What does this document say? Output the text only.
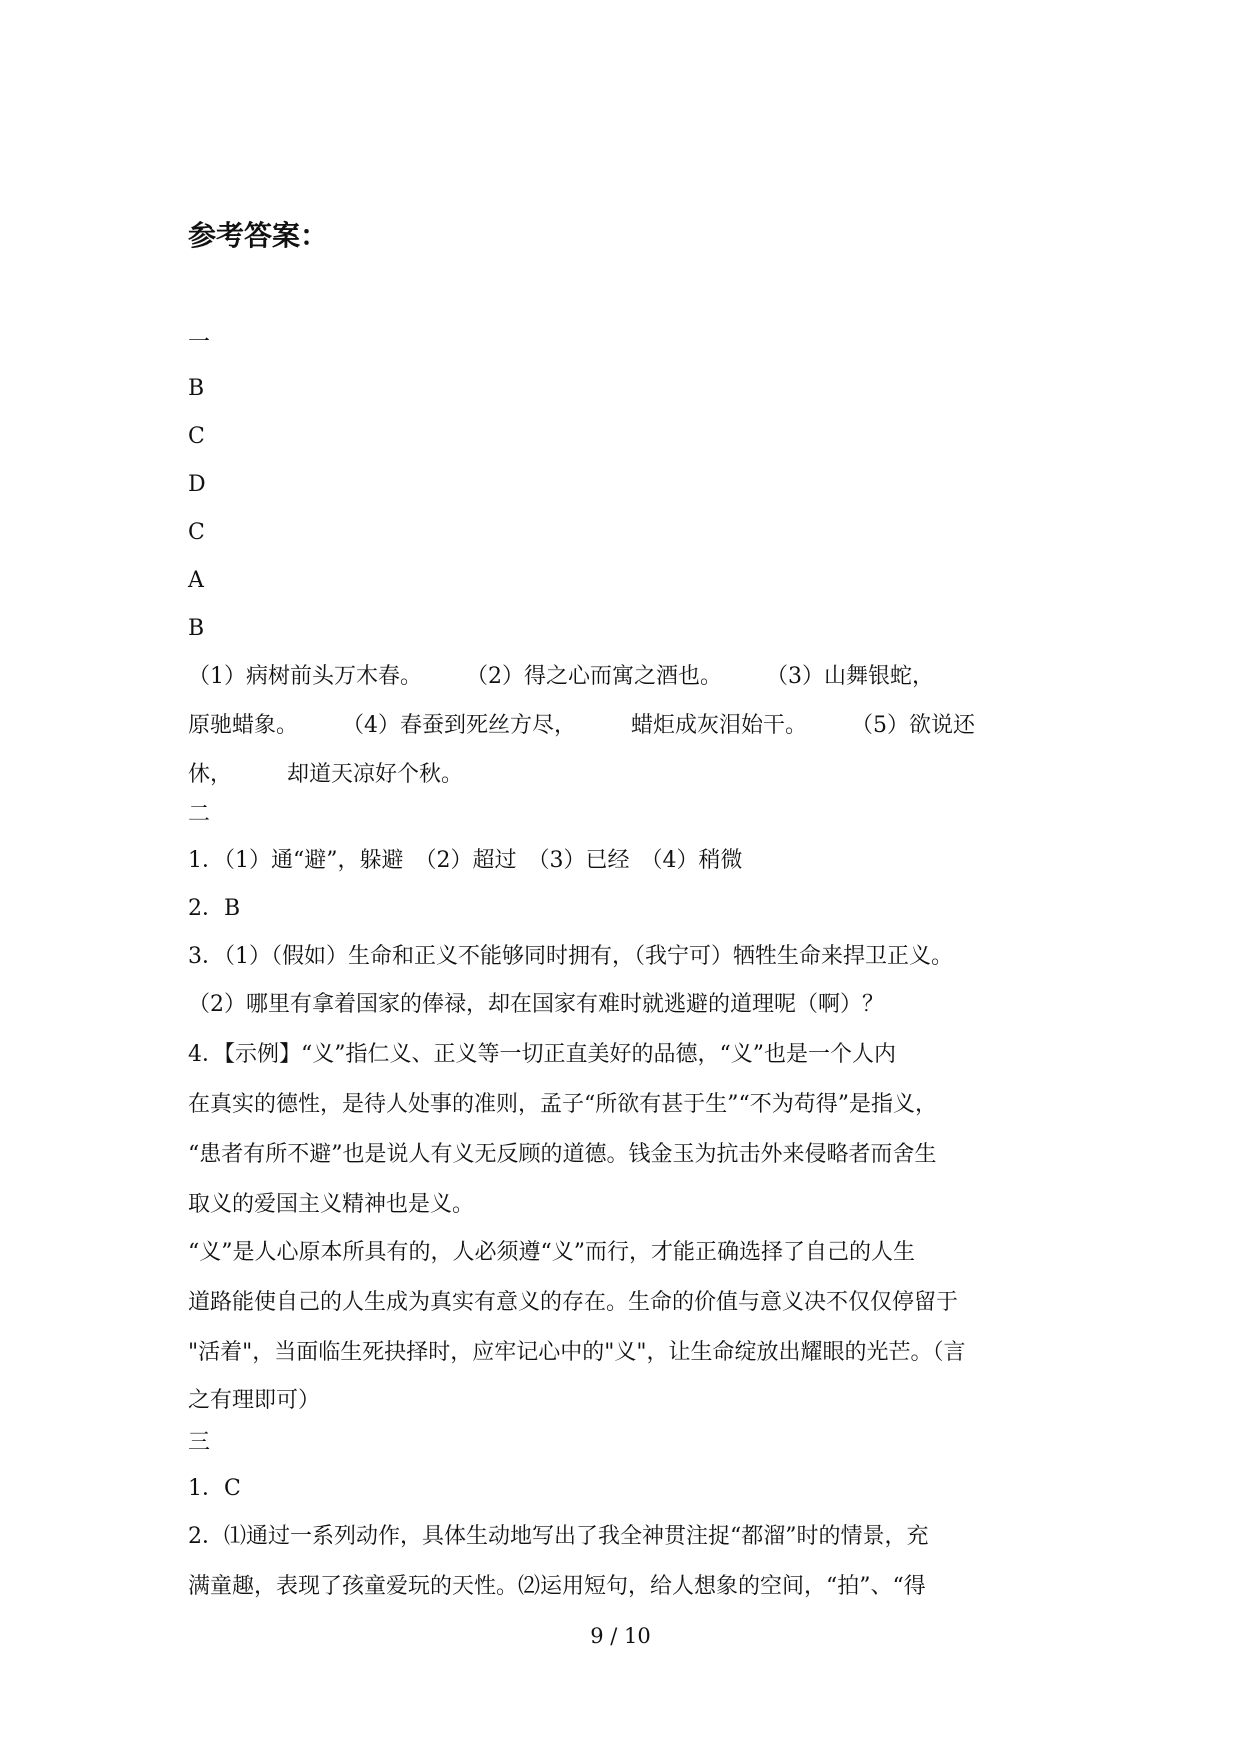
参考答案：
一
B
C
D
C
A
B
（1）病树前头万木春。　　　（2）得之心而寓之酒也。　　　（3）山舞银蛇，
原驰蜡象。　　　（4）春蚕到死丝方尽，　　　蜡炬成灰泪始干。　　　（5）欲说还
休，　　　却道天凉好个秋。
二
1．（1）通“避”，躲避　（2）超过　（3）已经　（4）稍微
2．B
3．（1）（假如）生命和正义不能够同时拥有，（我宁可）牺牲生命来捍卫正义。
（2）哪里有拿着国家的俸禄，却在国家有难时就逃避的道理呢（啊）？
4．【示例】“义”指仁义、正义等一切正直美好的品德，“义”也是一个人内
在真实的德性，是待人处事的准则，孟子“所欲有甚于生”“不为苟得”是指义，
“患者有所不避”也是说人有义无反顾的道德。钱金玉为抗击外来侵略者而舍生
取义的爱国主义精神也是义。
“义”是人心原本所具有的，人必须遵“义”而行，才能正确选择了自己的人生
道路能使自己的人生成为真实有意义的存在。生命的价值与意义决不仅仅停留于
"活着"，当面临生死抉择时，应牢记心中的"义"，让生命绽放出耀眼的光芒。（言
之有理即可）
三
1．C
2．⑴通过一系列动作，具体生动地写出了我全神贯注捉“都溜”时的情景，充
满童趣，表现了孩童爱玩的天性。⑵运用短句，给人想象的空间，“拍”、“得
9 / 10
